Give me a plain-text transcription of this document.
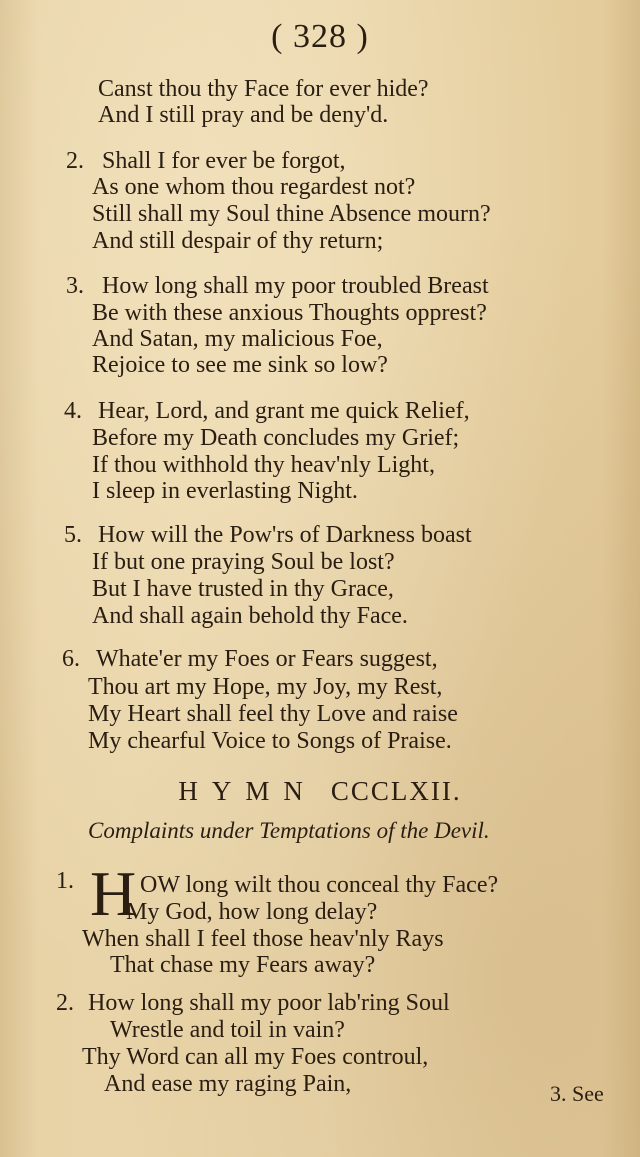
( 328 )
Canst thou thy Face for ever hide?
And I still pray and be deny'd.
2. Shall I for ever be forgot,
As one whom thou regardest not?
Still shall my Soul thine Absence mourn?
And still despair of thy return;
3. How long shall my poor troubled Breast
Be with these anxious Thoughts opprest?
And Satan, my malicious Foe,
Rejoice to see me sink so low?
4. Hear, Lord, and grant me quick Relief,
Before my Death concludes my Grief;
If thou withhold thy heav'nly Light,
I sleep in everlasting Night.
5. How will the Pow'rs of Darkness boast
If but one praying Soul be lost?
But I have trusted in thy Grace,
And shall again behold thy Face.
6. Whate'er my Foes or Fears suggest,
Thou art my Hope, my Joy, my Rest,
My Heart shall feel thy Love and raise
My chearful Voice to Songs of Praise.
HYMN CCCLXII.
Complaints under Temptations of the Devil.
1. H OW long wilt thou conceal thy Face?
My God, how long delay?
When shall I feel those heav'nly Rays
That chase my Fears away?
2. How long shall my poor lab'ring Soul
Wrestle and toil in vain?
Thy Word can all my Foes controul,
And ease my raging Pain,	3. See
